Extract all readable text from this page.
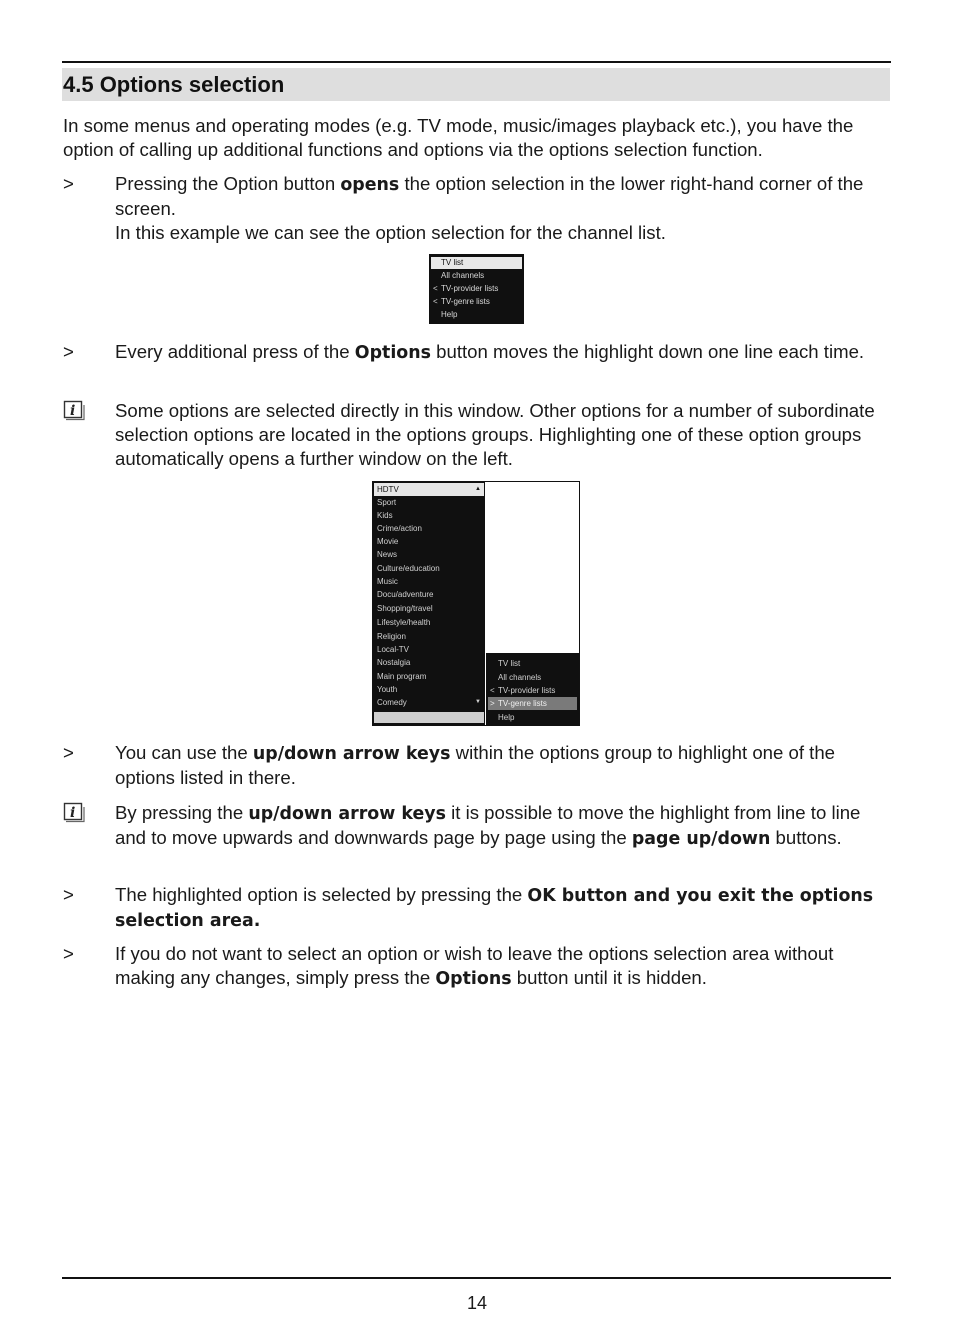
4.5 Options selection

In some menus and operating modes (e.g. TV mode, music/images playback etc.), you have the option of calling up additional functions and options via the options selection function.

> Pressing the Option button opens the option selection in the lower right-hand corner of the screen.
In this example we can see the option selection for the channel list.

TV list
All channels
< TV-provider lists
< TV-genre lists
Help
> Every additional press of the Options button moves the highlight down one line each time.

i Some options are selected directly in this window. Other options for a number of subordinate selection options are located in the options groups. Highlighting one of these option groups automatically opens a further window on the left.

HDTV	▲
Sport
Kids
Crime/action
Movie
News
Culture/education
Music
Docu/adventure
Shopping/travel
Lifestyle/health
Religion
Local-TV
Nostalgia
Main program
Youth
Comedy	▼
TV list
All channels
< TV-provider lists
> TV-genre lists
Help
> You can use the up/down arrow keys within the options group to highlight one of the options listed in there.

i By pressing the up/down arrow keys it is possible to move the highlight from line to line and to move upwards and downwards page by page using the page up/down buttons.

> The highlighted option is selected by pressing the OK button and you exit the options selection area.

> If you do not want to select an option or wish to leave the options selection area without making any changes, simply press the Options button until it is hidden.

14
